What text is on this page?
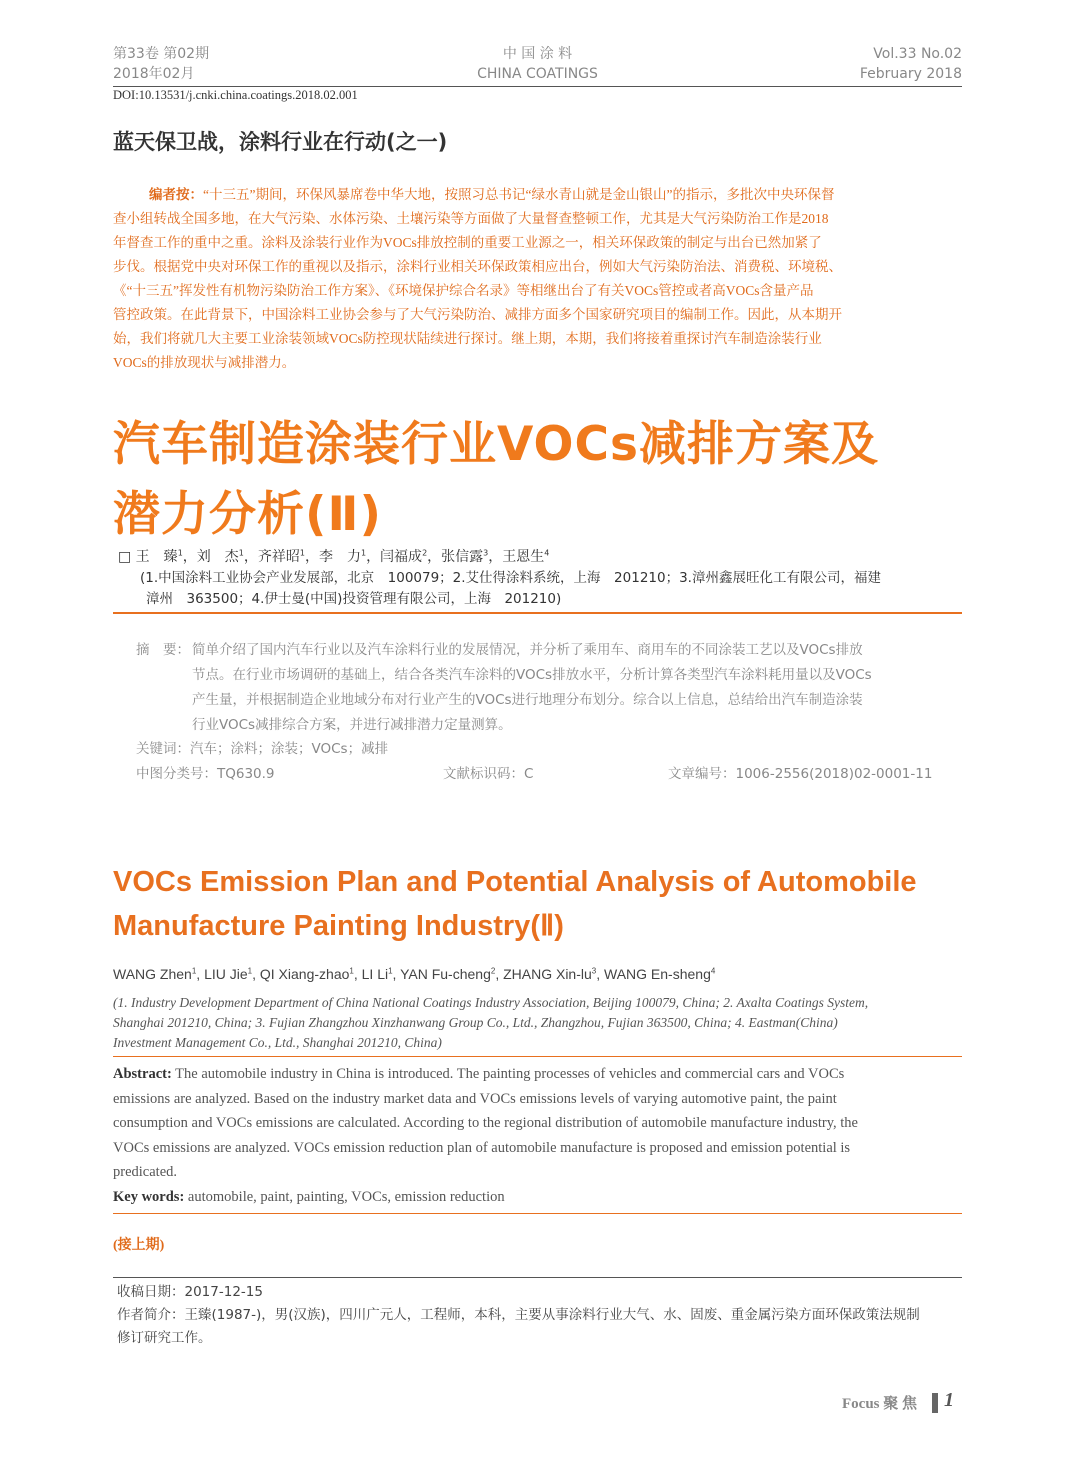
第33卷 第02期
2018年02月
中 国 涂 料
CHINA COATINGS
Vol.33 No.02
February 2018
DOI:10.13531/j.cnki.china.coatings.2018.02.001
蓝天保卫战，涂料行业在行动(之一)
编者按：“十三五”期间，环保风暴席卷中华大地，按照习总书记“绿水青山就是金山银山”的指示，多批次中央环保督
查小组转战全国多地，在大气污染、水体污染、土壤污染等方面做了大量督查整顿工作，尤其是大气污染防治工作是2018
年督查工作的重中之重。涂料及涂装行业作为VOCs排放控制的重要工业源之一，相关环保政策的制定与出台已然加紧了
步伐。根据党中央对环保工作的重视以及指示，涂料行业相关环保政策相应出台，例如大气污染防治法、消费税、环境税、
《“十三五”挥发性有机物污染防治工作方案》、《环境保护综合名录》等相继出台了有关VOCs管控或者高VOCs含量产品
管控政策。在此背景下，中国涂料工业协会参与了大气污染防治、减排方面多个国家研究项目的编制工作。因此，从本期开
始，我们将就几大主要工业涂装领域VOCs防控现状陆续进行探讨。继上期，本期，我们将接着重探讨汽车制造涂装行业
VOCs的排放现状与减排潜力。
汽车制造涂装行业VOCs减排方案及
潜力分析(Ⅱ)
□ 王　臻$^1$，刘　杰$^1$，齐祥昭$^1$，李　力$^1$，闫福成$^2$，张信露$^3$，王恩生$^4$
(1.中国涂料工业协会产业发展部，北京　100079；2.艾仕得涂料系统，上海　201210；3.漳州鑫展旺化工有限公司，福建
漳州　363500；4.伊士曼(中国)投资管理有限公司，上海　201210)
摘　要： 简单介绍了国内汽车行业以及汽车涂料行业的发展情况，并分析了乘用车、商用车的不同涂装工艺以及VOCs排放
节点。在行业市场调研的基础上，结合各类汽车涂料的VOCs排放水平，分析计算各类型汽车涂料耗用量以及VOCs
产生量，并根据制造企业地域分布对行业产生的VOCs进行地理分布划分。综合以上信息，总结给出汽车制造涂装
行业VOCs减排综合方案，并进行减排潜力定量测算。
关键词：汽车；涂料；涂装；VOCs；减排
中图分类号：TQ630.9	文献标识码：C	文章编号：1006-2556(2018)02-0001-11
VOCs Emission Plan and Potential Analysis of Automobile
Manufacture Painting Industry(Ⅱ)
WANG Zhen$^1$, LIU Jie$^1$, QI Xiang-zhao$^1$, LI Li$^1$, YAN Fu-cheng$^2$, ZHANG Xin-$lu^3$, WANG En-sheng$^4$
(1. Industry Development Department of China National Coatings Industry Association, Beijing 100079, China; 2. Axalta Coatings System,
Shanghai 201210, China; 3. Fujian Zhangzhou Xinzhanwang Group Co., Ltd., Zhangzhou, Fujian 363500, China; 4. Eastman(China)
Investment Management Co., Ltd., Shanghai 201210, China)
Abstract: The automobile industry in China is introduced. The painting processes of vehicles and commercial cars and VOCs
emissions are analyzed. Based on the industry market data and VOCs emissions levels of varying automotive paint, the paint
consumption and VOCs emissions are calculated. According to the regional distribution of automobile manufacture industry, the
VOCs emissions are analyzed. VOCs emission reduction plan of automobile manufacture is proposed and emission potential is
predicated.
Key words: automobile, paint, painting, VOCs, emission reduction
(接上期)
收稿日期：2017-12-15
作者简介：王臻(1987-)，男(汉族)，四川广元人，工程师，本科，主要从事涂料行业大气、水、固废、重金属污染方面环保政策法规制
修订研究工作。
Focus 聚 焦 1
